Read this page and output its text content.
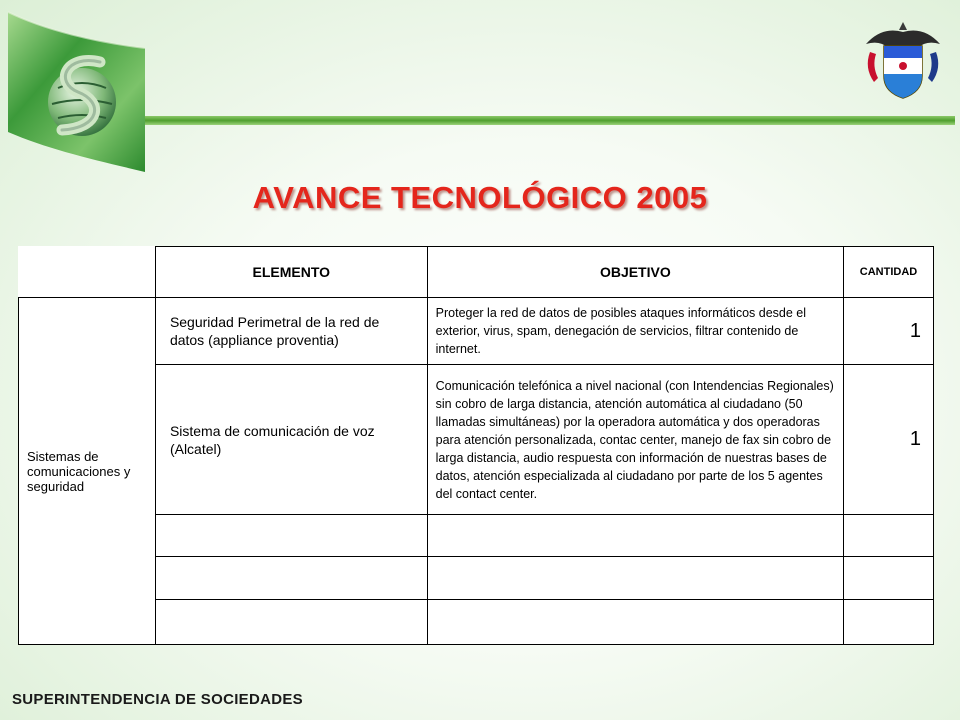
AVANCE TECNOLÓGICO 2005
	ELEMENTO	OBJETIVO	CANTIDAD
Sistemas de comunicaciones y seguridad	Seguridad Perimetral de la red de datos (appliance proventia)	Proteger la red de datos de posibles ataques informáticos desde el exterior, virus, spam, denegación de servicios, filtrar contenido de internet.	1
	Sistema de comunicación de voz (Alcatel)	Comunicación telefónica a nivel nacional (con Intendencias Regionales) sin cobro de larga distancia, atención automática al ciudadano (50 llamadas simultáneas) por la operadora automática y dos operadoras para atención personalizada, contac center, manejo de fax sin cobro de larga distancia, audio respuesta con información de nuestras bases de datos, atención especializada al ciudadano por parte de los 5 agentes del contact center.	1

SUPERINTENDENCIA DE SOCIEDADES
